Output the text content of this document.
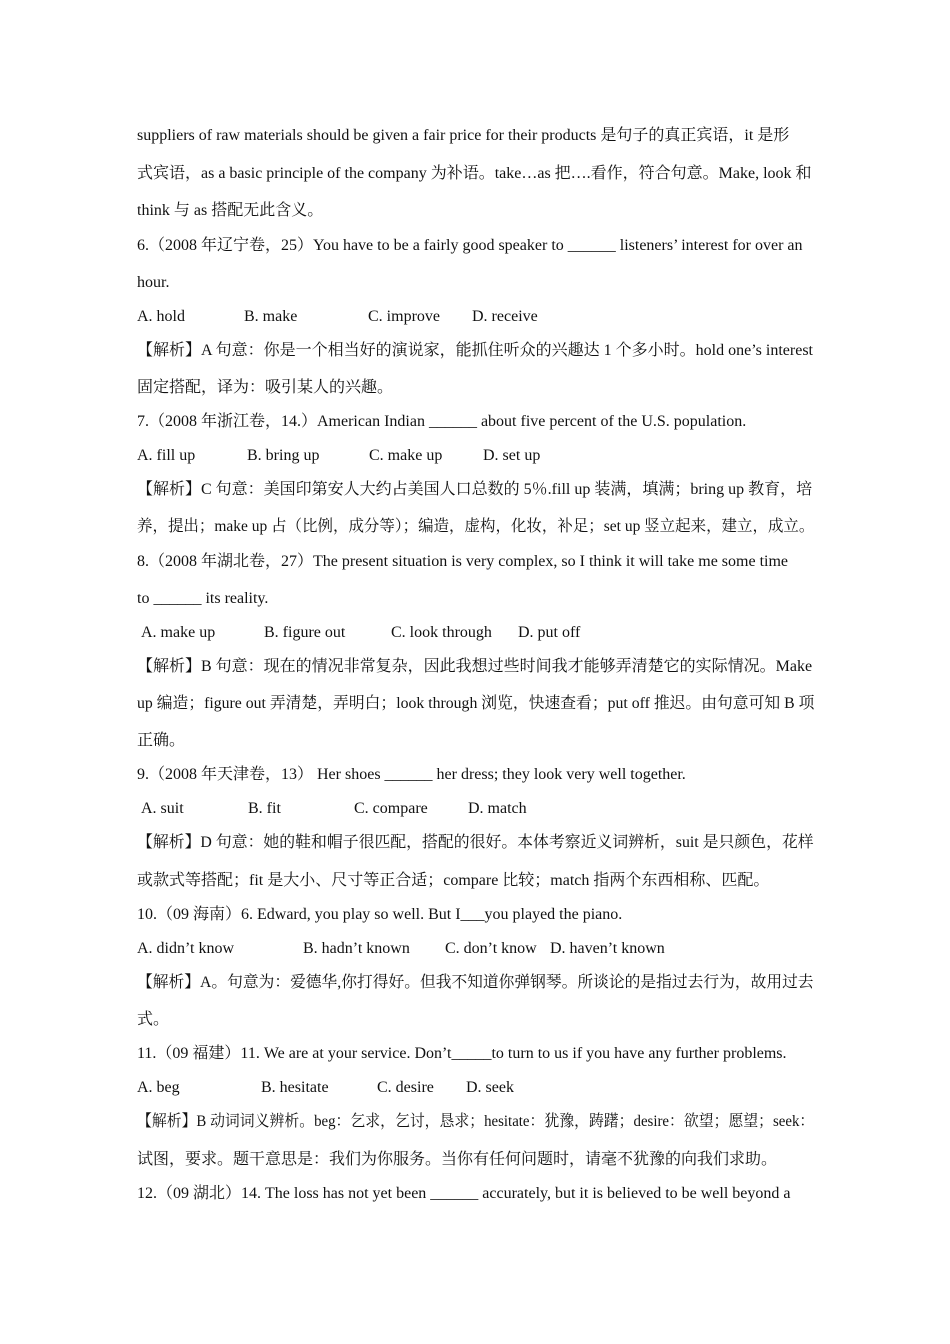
suppliers of raw materials should be given a fair price for their products 是句子的真正宾语，it 是形
式宾语，as a basic principle of the company 为补语。take…as 把….看作，符合句意。Make, look 和
think 与 as 搭配无此含义。
6.（2008 年辽宁卷，25）You have to be a fairly good speaker to ______ listeners’ interest for over an
hour.
A. hold	B. make	C. improve D. receive
【解析】A 句意：你是一个相当好的演说家，能抓住听众的兴趣达 1 个多小时。hold one’s interest
固定搭配，译为：吸引某人的兴趣。
7.（2008 年浙江卷，14.）American Indian ______ about five percent of the U.S. population.
A. fill up	B. bring up	C. make up	D. set up
【解析】C 句意：美国印第安人大约占美国人口总数的 5％.fill up 装满，填满；bring up 教育，培
养，提出；make up 占（比例，成分等）；编造，虚构，化妆，补足；set up 竖立起来，建立，成立。
8.（2008 年湖北卷，27）The present situation is very complex, so I think it will take me some time
to ______ its reality.
A. make up	B. figure out	C. look through D. put off
【解析】B 句意：现在的情况非常复杂，因此我想过些时间我才能够弄清楚它的实际情况。Make
up 编造；figure out 弄清楚，弄明白；look through 浏览，快速查看；put off 推迟。由句意可知 B 项
正确。
9.（2008 年天津卷，13） Her shoes ______ her dress; they look very well together.
A. suit	B. fit	C. compare	D. match
【解析】D 句意：她的鞋和帽子很匹配，搭配的很好。本体考察近义词辨析，suit 是只颜色，花样
或款式等搭配；fit 是大小、尺寸等正合适；compare 比较；match 指两个东西相称、匹配。
10.（09 海南）6. Edward, you play so well. But I___you played the piano.
A. didn’t know	B. hadn’t known C. don’t know D. haven’t known
【解析】A。句意为：爱德华,你打得好。但我不知道你弹钢琴。所谈论的是指过去行为，故用过去
式。
11.（09 福建）11. We are at your service. Don’t_____to turn to us if you have any further problems.
A. beg	B. hesitate	C. desire D. seek
【解析】B 动词词义辨析。beg：乞求，乞讨，恳求；hesitate：犹豫，踌躇；desire：欲望；愿望；seek：
试图，要求。题干意思是：我们为你服务。当你有任何问题时，请毫不犹豫的向我们求助。
12.（09 湖北）14. The loss has not yet been ______ accurately, but it is believed to be well beyond a
